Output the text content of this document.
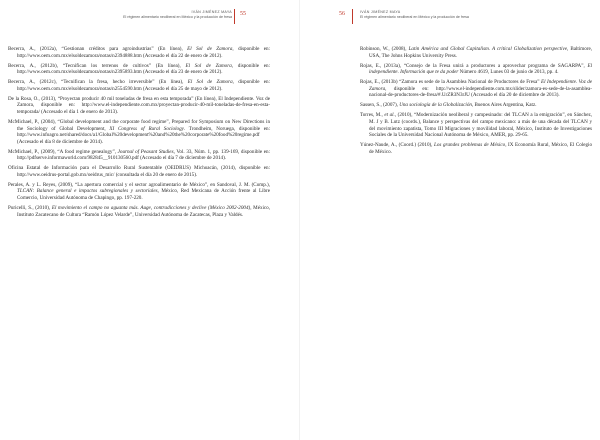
IVÁN JIMÉNEZ MAYA
El régimen alimentario neoliberal en México y la producción de fresa
55
Becerra, A., (2012a), “Gestionan créditos para agroindustrias” (En línea), El Sol de Zamora, disponible en: http://www.oem.com.mx/elsoldezamora/notas/n2394888.htm (Accesado el día 22 de enero de 2012).
Becerra, A., (2012b), “Tecnifican los terrenos de cultivos” (En línea), El Sol de Zamora, disponible en: http://www.oem.com.mx/elsoldezamora/notas/n2395893.htm (Accesado el día 23 de enero de 2012).
Becerra, A., (2012c), “Tecnifican la fresa, hecho irreversible” (En línea), El Sol de Zamora, disponible en: http://www.oem.com.mx/elsoldezamora/notas/n2554590.htm (Accesado el día 25 de mayo de 2012).
De la Rosa, O., (2013), “Proyectan producir 40 mil toneladas de fresa en esta temporada” (En línea), El Independiente. Voz de Zamora, disponible en: http://www.el-independiente.com.mx/proyectan-producir-40-mil-toneladas-de-fresa-en-esta-temporada/ (Accesado el día 1 de enero de 2013).
McMichael, P., (2004), “Global development and the corporate food regime”, Prepared for Symposium on New Directions in the Sociology of Global Development, XI Congress of Rural Sociology. Trondheim, Noruega, disponible en: http://www.infoagro.net/shared/docs/a1/Global%20development%20and%20the%20corporate%20food%20regime.pdf (Accesado el día 8 de diciembre de 2014).
McMichael, P., (2009), “A food regime genealogy”, Journal of Peasant Studies, Vol. 33, Núm. 1, pp. 139-169, disponible en: http://pdfserve.informaworld.com/982845__910130560.pdf (Accesado el día 7 de diciembre de 2014).
Oficina Estatal de Información para el Desarrollo Rural Sustentable (OEIDRUS) Michoacán, (2014), disponible en: http://www.oeidrus-portal.gob.mx/oeidrus_mic/ (consultada el día 20 de enero de 2015).
Perales, A. y L. Reyes, (2009), “La apertura comercial y el sector agroalimentario de México”, en Sandoval, J. M. (Comp.), TLCAN: Balance general e impactos subregionales y sectoriales, México, Red Mexicana de Acción frente al Libre Comercio, Universidad Autónoma de Chapingo, pp. 197-220.
Puricelli, S., (2010), El movimiento el campo no aguanta más. Auge, contradicciones y declive (México 2002-2004), México, Instituto Zacatecano de Cultura “Ramón López Velarde”, Universidad Autónoma de Zacatecas, Plaza y Valdés.
56	IVÁN JIMÉNEZ MAYA
El régimen alimentario neoliberal en México y la producción de fresa
Robinson, W., (2008), Latin América and Global Capitalism. A critical Globalization perspective, Baltimore, USA, The Johns Hopkins University Press.
Rojas, E., (2013a), “Consejo de la Fresa unirá a productores a aprovechar programa de SAGARPA”, El independiente. Información que te da poder Número 4619, Lunes 03 de junio de 2013, pp. 4.
Rojas, E., (2013b) “Zamora es sede de la Asamblea Nacional de Productores de Fresa” El Independiente. Voz de Zamora, disponible en: http://www.el-independiente.com.mx/slider/zamora-es-sede-de-la-asamblea-nacional-de-productores-de-fresa/#.UrZR3N3rJU (Accesado el día 20 de diciembre de 2013).
Sassen, S., (2007), Una sociología de la Globalización, Buenos Aires Argentina, Katz.
Torres, M., et al., (2010), “Modernización neoliberal y campesinado: del TLCAN a la emigración”, en Sánchez, M. J y B. Lutz (coords.), Balance y perspectivas del campo mexicano: a más de una década del TLCAN y del movimiento zapatista, Tomo III Migraciones y movilidad laboral, México, Instituto de Investigaciones Sociales de la Universidad Nacional Autónoma de México, AMER, pp. 29-65.
Yúnez-Naude, A., (Coord.) (2010), Los grandes problemas de México, IX Economía Rural, México, El Colegio de México.
